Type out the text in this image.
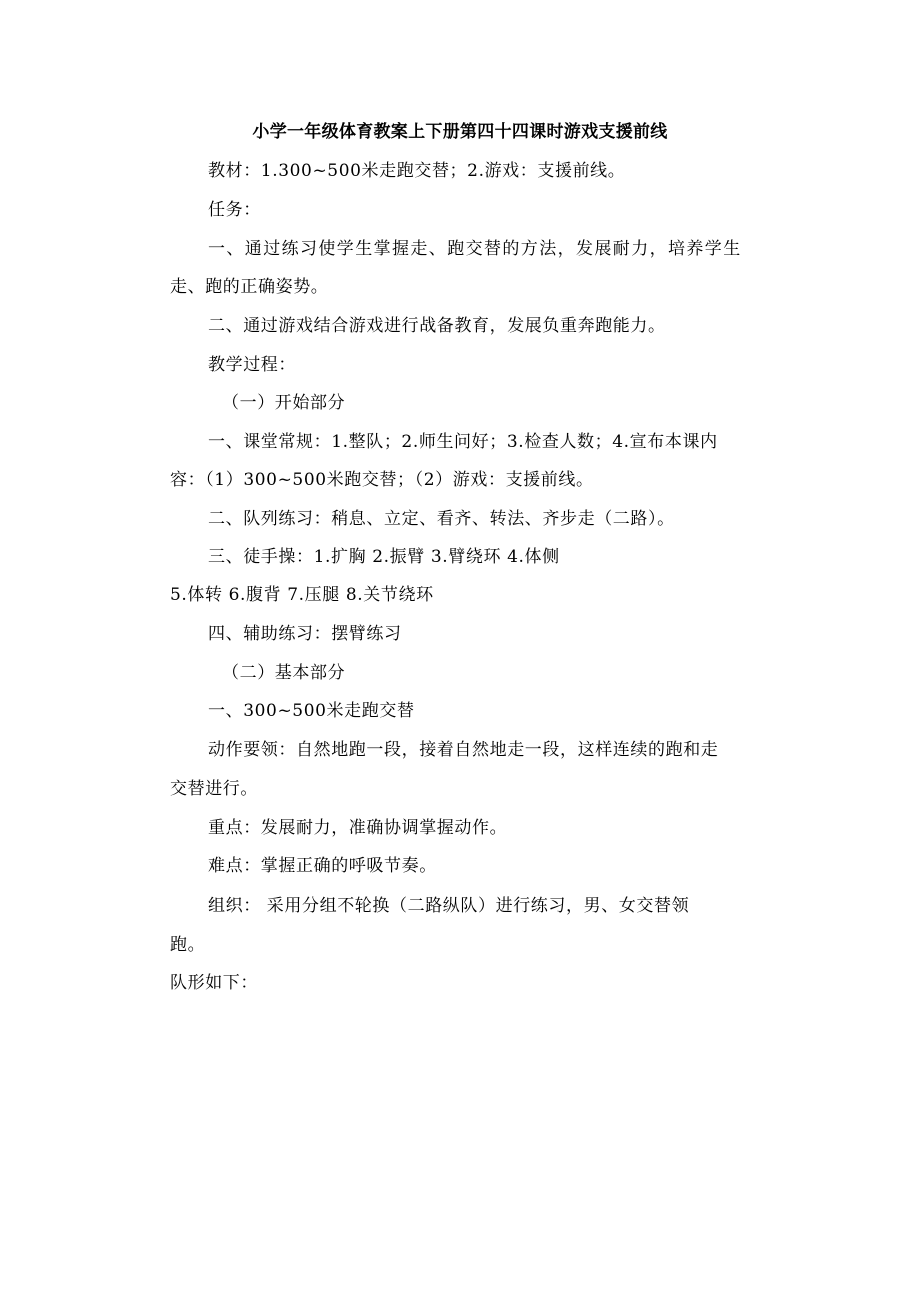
小学一年级体育教案上下册第四十四课时游戏支援前线
教材：1.300~500米走跑交替；2.游戏：支援前线。
任务：
一、通过练习使学生掌握走、跑交替的方法，发展耐力，培养学生
走、跑的正确姿势。
二、通过游戏结合游戏进行战备教育，发展负重奔跑能力。
教学过程：
（一）开始部分
一、课堂常规：1.整队；2.师生问好；3.检查人数；4.宣布本课内
容：（1）300~500米跑交替；（2）游戏：支援前线。
二、队列练习：稍息、立定、看齐、转法、齐步走（二路）。
三、徒手操：1.扩胸 2.振臂 3.臂绕环 4.体侧
5.体转 6.腹背 7.压腿 8.关节绕环
四、辅助练习：摆臂练习
（二）基本部分
一、300~500米走跑交替
动作要领：自然地跑一段，接着自然地走一段，这样连续的跑和走
交替进行。
重点：发展耐力，准确协调掌握动作。
难点：掌握正确的呼吸节奏。
组织： 采用分组不轮换（二路纵队）进行练习，男、女交替领
跑。
队形如下：
